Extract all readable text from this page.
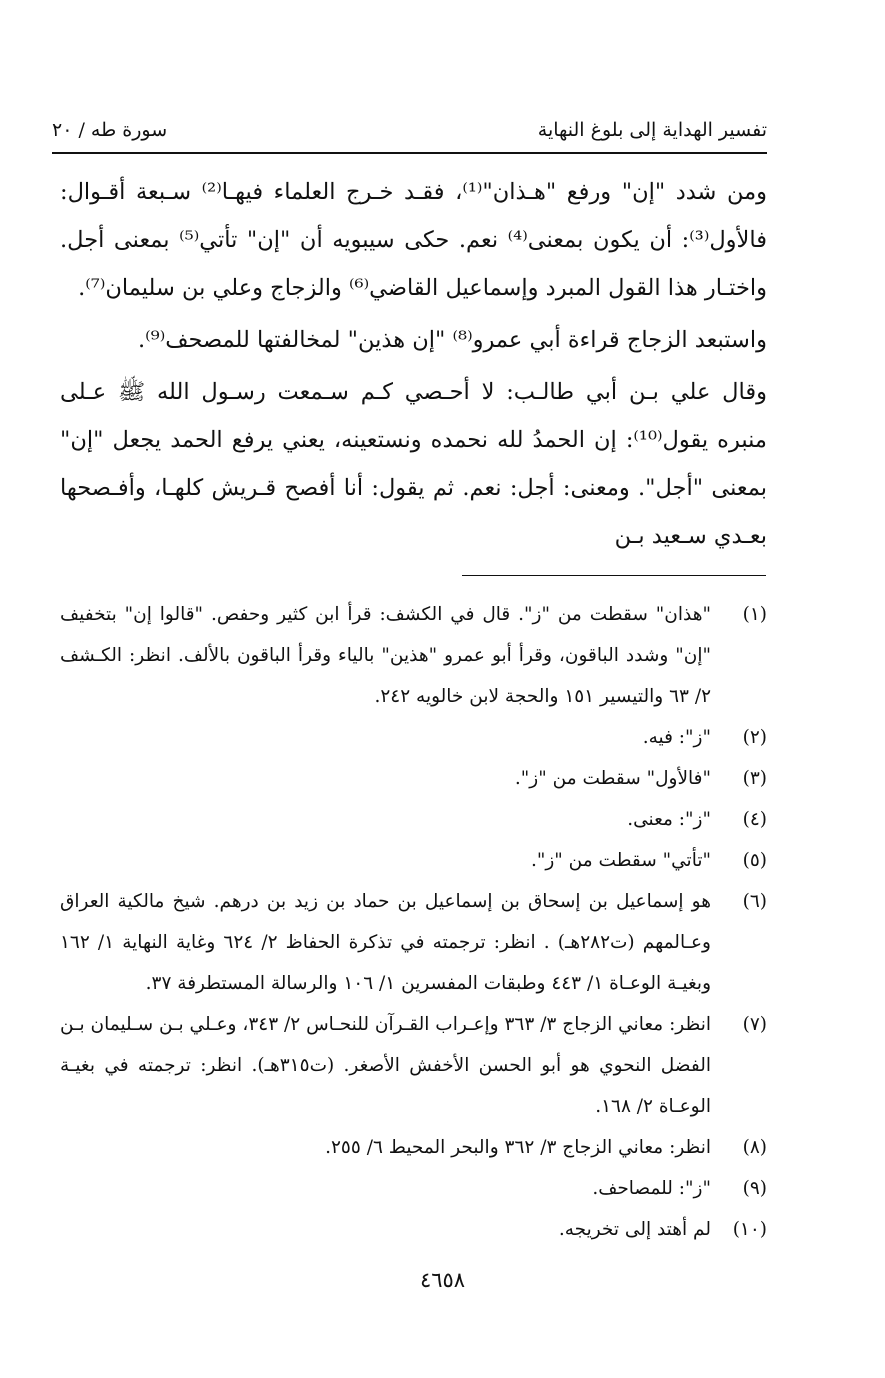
تفسير الهداية إلى بلوغ النهاية
سورة طه / ٢٠

ومن شدد "إن" ورفع "هـذان"⁽¹⁾، فقـد خـرج العلماء فيهـا⁽²⁾ سـبعة أقـوال: فالأول⁽³⁾: أن يكون بمعنى⁽⁴⁾ نعم. حكى سيبويه أن "إن" تأتي⁽⁵⁾ بمعنى أجل. واختـار هذا القول المبرد وإسماعيل القاضي⁽⁶⁾ والزجاج وعلي بن سليمان⁽⁷⁾.

واستبعد الزجاج قراءة أبي عمرو⁽⁸⁾ "إن هذين" لمخالفتها للمصحف⁽⁹⁾.

وقال علي بـن أبي طالـب: لا أحـصي كـم سـمعت رسـول الله ﷺ عـلى منبره يقول⁽¹⁰⁾: إن الحمدُ لله نحمده ونستعينه، يعني يرفع الحمد يجعل "إن" بمعنى "أجل". ومعنى: أجل: نعم. ثم يقول: أنا أفصح قـريش كلهـا، وأفـصحها بعـدي سـعيد بـن

(١)
"هذان" سقطت من "ز". قال في الكشف: قرأ ابن كثير وحفص. "قالوا إن" بتخفيف "إن" وشدد الباقون، وقرأ أبو عمرو "هذين" بالياء وقرأ الباقون بالألف. انظر: الكـشف ٢/ ٦٣ والتيسير ١٥١ والحجة لابن خالويه ٢٤٢.
(٢)
"ز": فيه.
(٣)
"فالأول" سقطت من "ز".
(٤)
"ز": معنى.
(٥)
"تأتي" سقطت من "ز".
(٦)
هو إسماعيل بن إسحاق بن إسماعيل بن حماد بن زيد بن درهم. شيخ مالكية العراق وعـالمهم (ت٢٨٢هـ) . انظر: ترجمته في تذكرة الحفاظ ٢/ ٦٢٤ وغاية النهاية ١/ ١٦٢ وبغيـة الوعـاة ١/ ٤٤٣ وطبقات المفسرين ١/ ١٠٦ والرسالة المستطرفة ٣٧.
(٧)
انظر: معاني الزجاج ٣/ ٣٦٣ وإعـراب القـرآن للنحـاس ٢/ ٣٤٣، وعـلي بـن سـليمان بـن الفضل النحوي هو أبو الحسن الأخفش الأصغر. (ت٣١٥هـ). انظر: ترجمته في بغيـة الوعـاة ٢/ ١٦٨.
(٨)
انظر: معاني الزجاج ٣/ ٣٦٢ والبحر المحيط ٦/ ٢٥٥.
(٩)
"ز": للمصاحف.
(١٠)
لم أهتد إلى تخريجه.
٤٦٥٨
